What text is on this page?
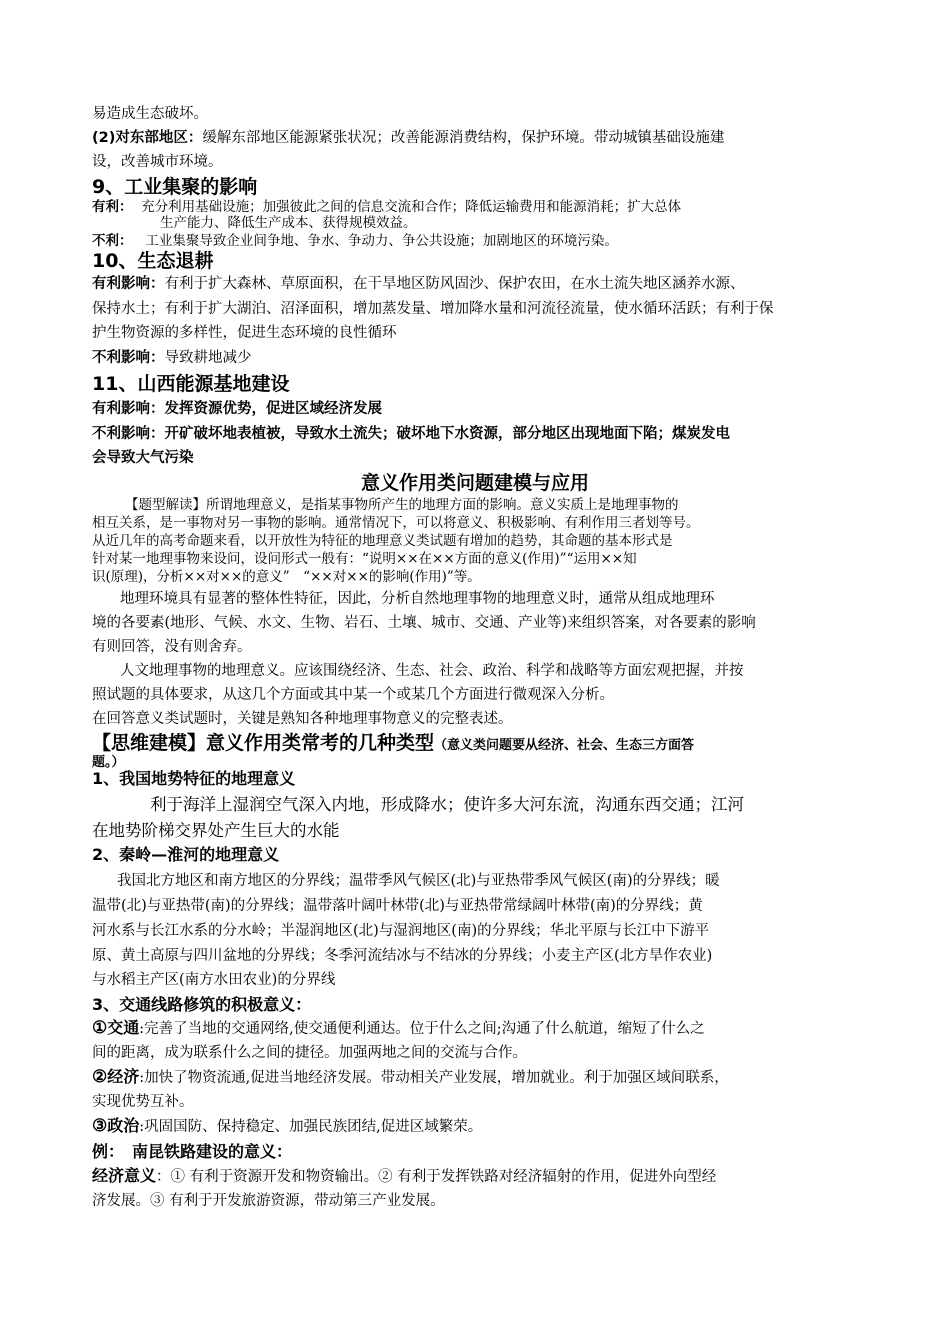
易造成生态破坏。
(2)对东部地区：缓解东部地区能源紧张状况；改善能源消费结构，保护环境。带动城镇基础设施建
设，改善城市环境。
9、工业集聚的影响
有利： 充分利用基础设施；加强彼此之间的信息交流和合作；降低运输费用和能源消耗；扩大总体
生产能力、降低生产成本、获得规模效益。
不利： 工业集聚导致企业间争地、争水、争动力、争公共设施；加剧地区的环境污染。
10、生态退耕
有利影响：有利于扩大森林、草原面积，在干旱地区防风固沙、保护农田，在水土流失地区涵养水源、
保持水土；有利于扩大湖泊、沼泽面积，增加蒸发量、增加降水量和河流径流量，使水循环活跃；有利于保
护生物资源的多样性，促进生态环境的良性循环
不利影响：导致耕地减少
11、山西能源基地建设
有利影响：发挥资源优势，促进区域经济发展
不利影响：开矿破坏地表植被，导致水土流失；破坏地下水资源，部分地区出现地面下陷；煤炭发电
会导致大气污染
意义作用类问题建模与应用
【题型解读】所谓地理意义，是指某事物所产生的地理方面的影响。意义实质上是地理事物的
相互关系，是一事物对另一事物的影响。通常情况下，可以将意义、积极影响、有利作用三者划等号。
从近几年的高考命题来看，以开放性为特征的地理意义类试题有增加的趋势，其命题的基本形式是
针对某一地理事物来设问，设问形式一般有：“说明××在××方面的意义(作用)”“运用××知
识(原理)，分析××对××的意义”　“××对××的影响(作用)”等。
地理环境具有显著的整体性特征，因此，分析自然地理事物的地理意义时，通常从组成地理环
境的各要素(地形、气候、水文、生物、岩石、土壤、城市、交通、产业等)来组织答案，对各要素的影响
有则回答，没有则舍弃。
人文地理事物的地理意义。应该围绕经济、生态、社会、政治、科学和战略等方面宏观把握，并按
照试题的具体要求，从这几个方面或其中某一个或某几个方面进行微观深入分析。
在回答意义类试题时，关键是熟知各种地理事物意义的完整表述。
【思维建模】意义作用类常考的几种类型（意义类问题要从经济、社会、生态三方面答
题。）
1、我国地势特征的地理意义
利于海洋上湿润空气深入内地，形成降水；使许多大河东流，沟通东西交通；江河
在地势阶梯交界处产生巨大的水能
2、秦岭—淮河的地理意义
我国北方地区和南方地区的分界线；温带季风气候区(北)与亚热带季风气候区(南)的分界线；暖
温带(北)与亚热带(南)的分界线；温带落叶阔叶林带(北)与亚热带常绿阔叶林带(南)的分界线；黄
河水系与长江水系的分水岭；半湿润地区(北)与湿润地区(南)的分界线；华北平原与长江中下游平
原、黄土高原与四川盆地的分界线；冬季河流结冰与不结冰的分界线；小麦主产区(北方旱作农业)
与水稻主产区(南方水田农业)的分界线
3、交通线路修筑的积极意义：
①交通:完善了当地的交通网络,使交通便利通达。位于什么之间;沟通了什么航道，缩短了什么之
间的距离，成为联系什么之间的捷径。加强两地之间的交流与合作。
②经济:加快了物资流通,促进当地经济发展。带动相关产业发展，增加就业。利于加强区域间联系，
实现优势互补。
③政治:巩固国防、保持稳定、加强民族团结,促进区域繁荣。
例：　南昆铁路建设的意义：
经济意义：① 有利于资源开发和物资输出。② 有利于发挥铁路对经济辐射的作用，促进外向型经
济发展。③ 有利于开发旅游资源，带动第三产业发展。
